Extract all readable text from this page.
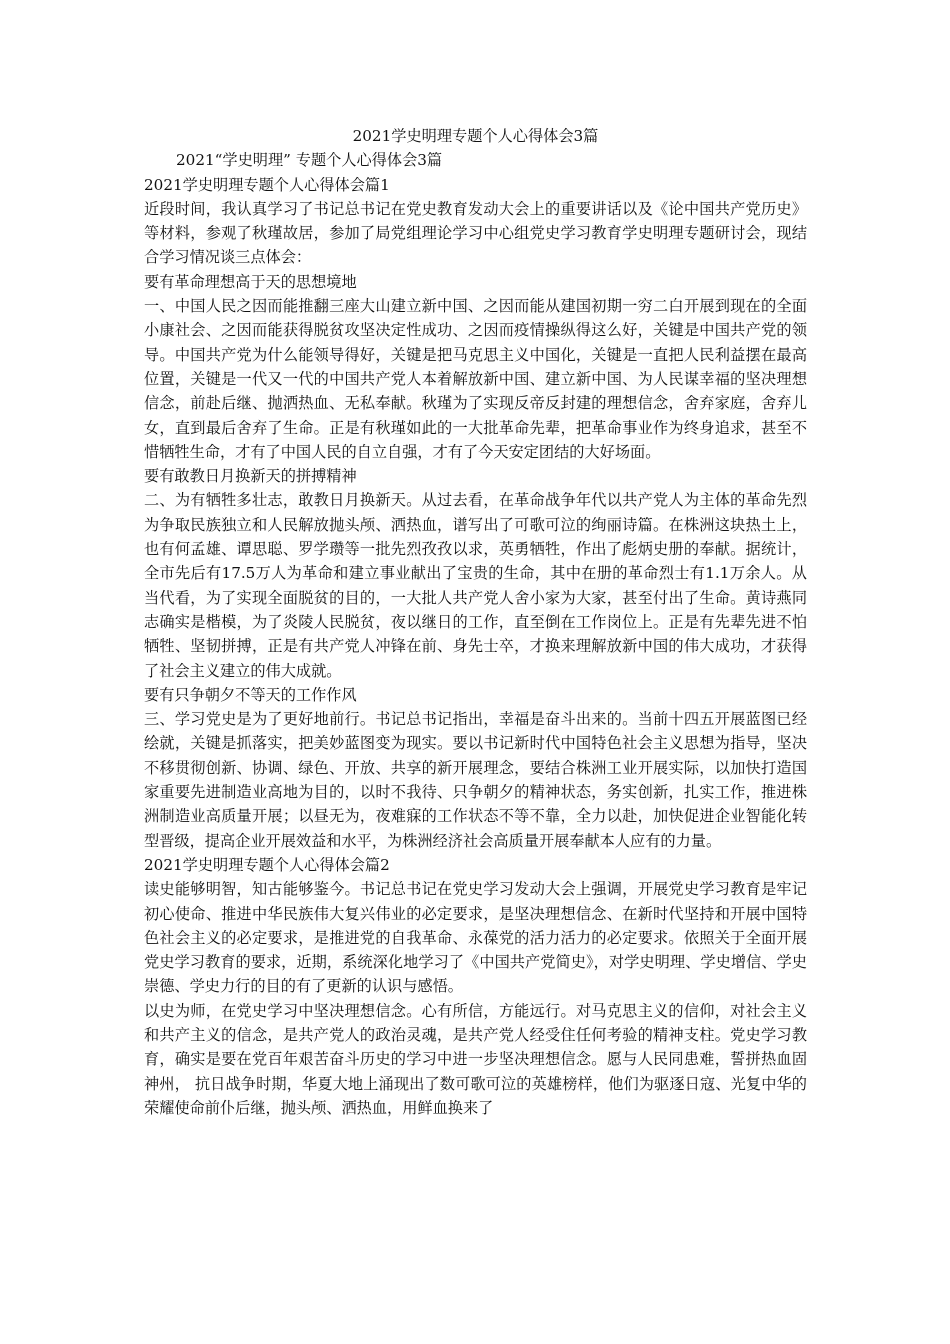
2021学史明理专题个人心得体会3篇

2021“学史明理” 专题个人心得体会3篇

2021学史明理专题个人心得体会篇1

近段时间，我认真学习了书记总书记在党史教育发动大会上的重要讲话以及《论中国共产党历史》等材料，参观了秋瑾故居，参加了局党组理论学习中心组党史学习教育学史明理专题研讨会，现结合学习情况谈三点体会：

要有革命理想高于天的思想境地

一、中国人民之因而能推翻三座大山建立新中国、之因而能从建国初期一穷二白开展到现在的全面小康社会、之因而能获得脱贫攻坚决定性成功、之因而疫情操纵得这么好，关键是中国共产党的领导。中国共产党为什么能领导得好，关键是把马克思主义中国化，关键是一直把人民利益摆在最高位置，关键是一代又一代的中国共产党人本着解放新中国、建立新中国、为人民谋幸福的坚决理想信念，前赴后继、抛洒热血、无私奉献。秋瑾为了实现反帝反封建的理想信念，舍弃家庭，舍弃儿女，直到最后舍弃了生命。正是有秋瑾如此的一大批革命先辈，把革命事业作为终身追求，甚至不惜牺牲生命，才有了中国人民的自立自强，才有了今天安定团结的大好场面。

要有敢教日月换新天的拼搏精神

二、为有牺牲多壮志，敢教日月换新天。从过去看，在革命战争年代以共产党人为主体的革命先烈为争取民族独立和人民解放抛头颅、洒热血，谱写出了可歌可泣的绚丽诗篇。在株洲这块热土上，也有何孟雄、谭思聪、罗学瓒等一批先烈孜孜以求，英勇牺牲，作出了彪炳史册的奉献。据统计，全市先后有17.5万人为革命和建立事业献出了宝贵的生命，其中在册的革命烈士有1.1万余人。从当代看，为了实现全面脱贫的目的，一大批人共产党人舍小家为大家，甚至付出了生命。黄诗燕同志确实是楷模，为了炎陵人民脱贫，夜以继日的工作，直至倒在工作岗位上。正是有先辈先进不怕牺牲、坚韧拼搏，正是有共产党人冲锋在前、身先士卒，才换来理解放新中国的伟大成功，才获得了社会主义建立的伟大成就。

要有只争朝夕不等天的工作作风

三、学习党史是为了更好地前行。书记总书记指出，幸福是奋斗出来的。当前十四五开展蓝图已经绘就，关键是抓落实，把美妙蓝图变为现实。要以书记新时代中国特色社会主义思想为指导，坚决不移贯彻创新、协调、绿色、开放、共享的新开展理念，要结合株洲工业开展实际，以加快打造国家重要先进制造业高地为目的，以时不我待、只争朝夕的精神状态，务实创新，扎实工作，推进株洲制造业高质量开展；以昼无为，夜难寐的工作状态不等不靠，全力以赴，加快促进企业智能化转型晋级，提高企业开展效益和水平，为株洲经济社会高质量开展奉献本人应有的力量。

2021学史明理专题个人心得体会篇2

读史能够明智，知古能够鉴今。书记总书记在党史学习发动大会上强调，开展党史学习教育是牢记初心使命、推进中华民族伟大复兴伟业的必定要求，是坚决理想信念、在新时代坚持和开展中国特色社会主义的必定要求，是推进党的自我革命、永葆党的活力活力的必定要求。依照关于全面开展党史学习教育的要求，近期，系统深化地学习了《中国共产党简史》，对学史明理、学史增信、学史 崇德、学史力行的目的有了更新的认识与感悟。

以史为师，在党史学习中坚决理想信念。心有所信，方能远行。对马克思主义的信仰，对社会主义和共产主义的信念，是共产党人的政治灵魂，是共产党人经受住任何考验的精神支柱。党史学习教育，确实是要在党百年艰苦奋斗历史的学习中进一步坚决理想信念。愿与人民同患难，誓拼热血固神州， 抗日战争时期，华夏大地上涌现出了数可歌可泣的英雄榜样，他们为驱逐日寇、光复中华的荣耀使命前仆后继，抛头颅、洒热血，用鲜血换来了
